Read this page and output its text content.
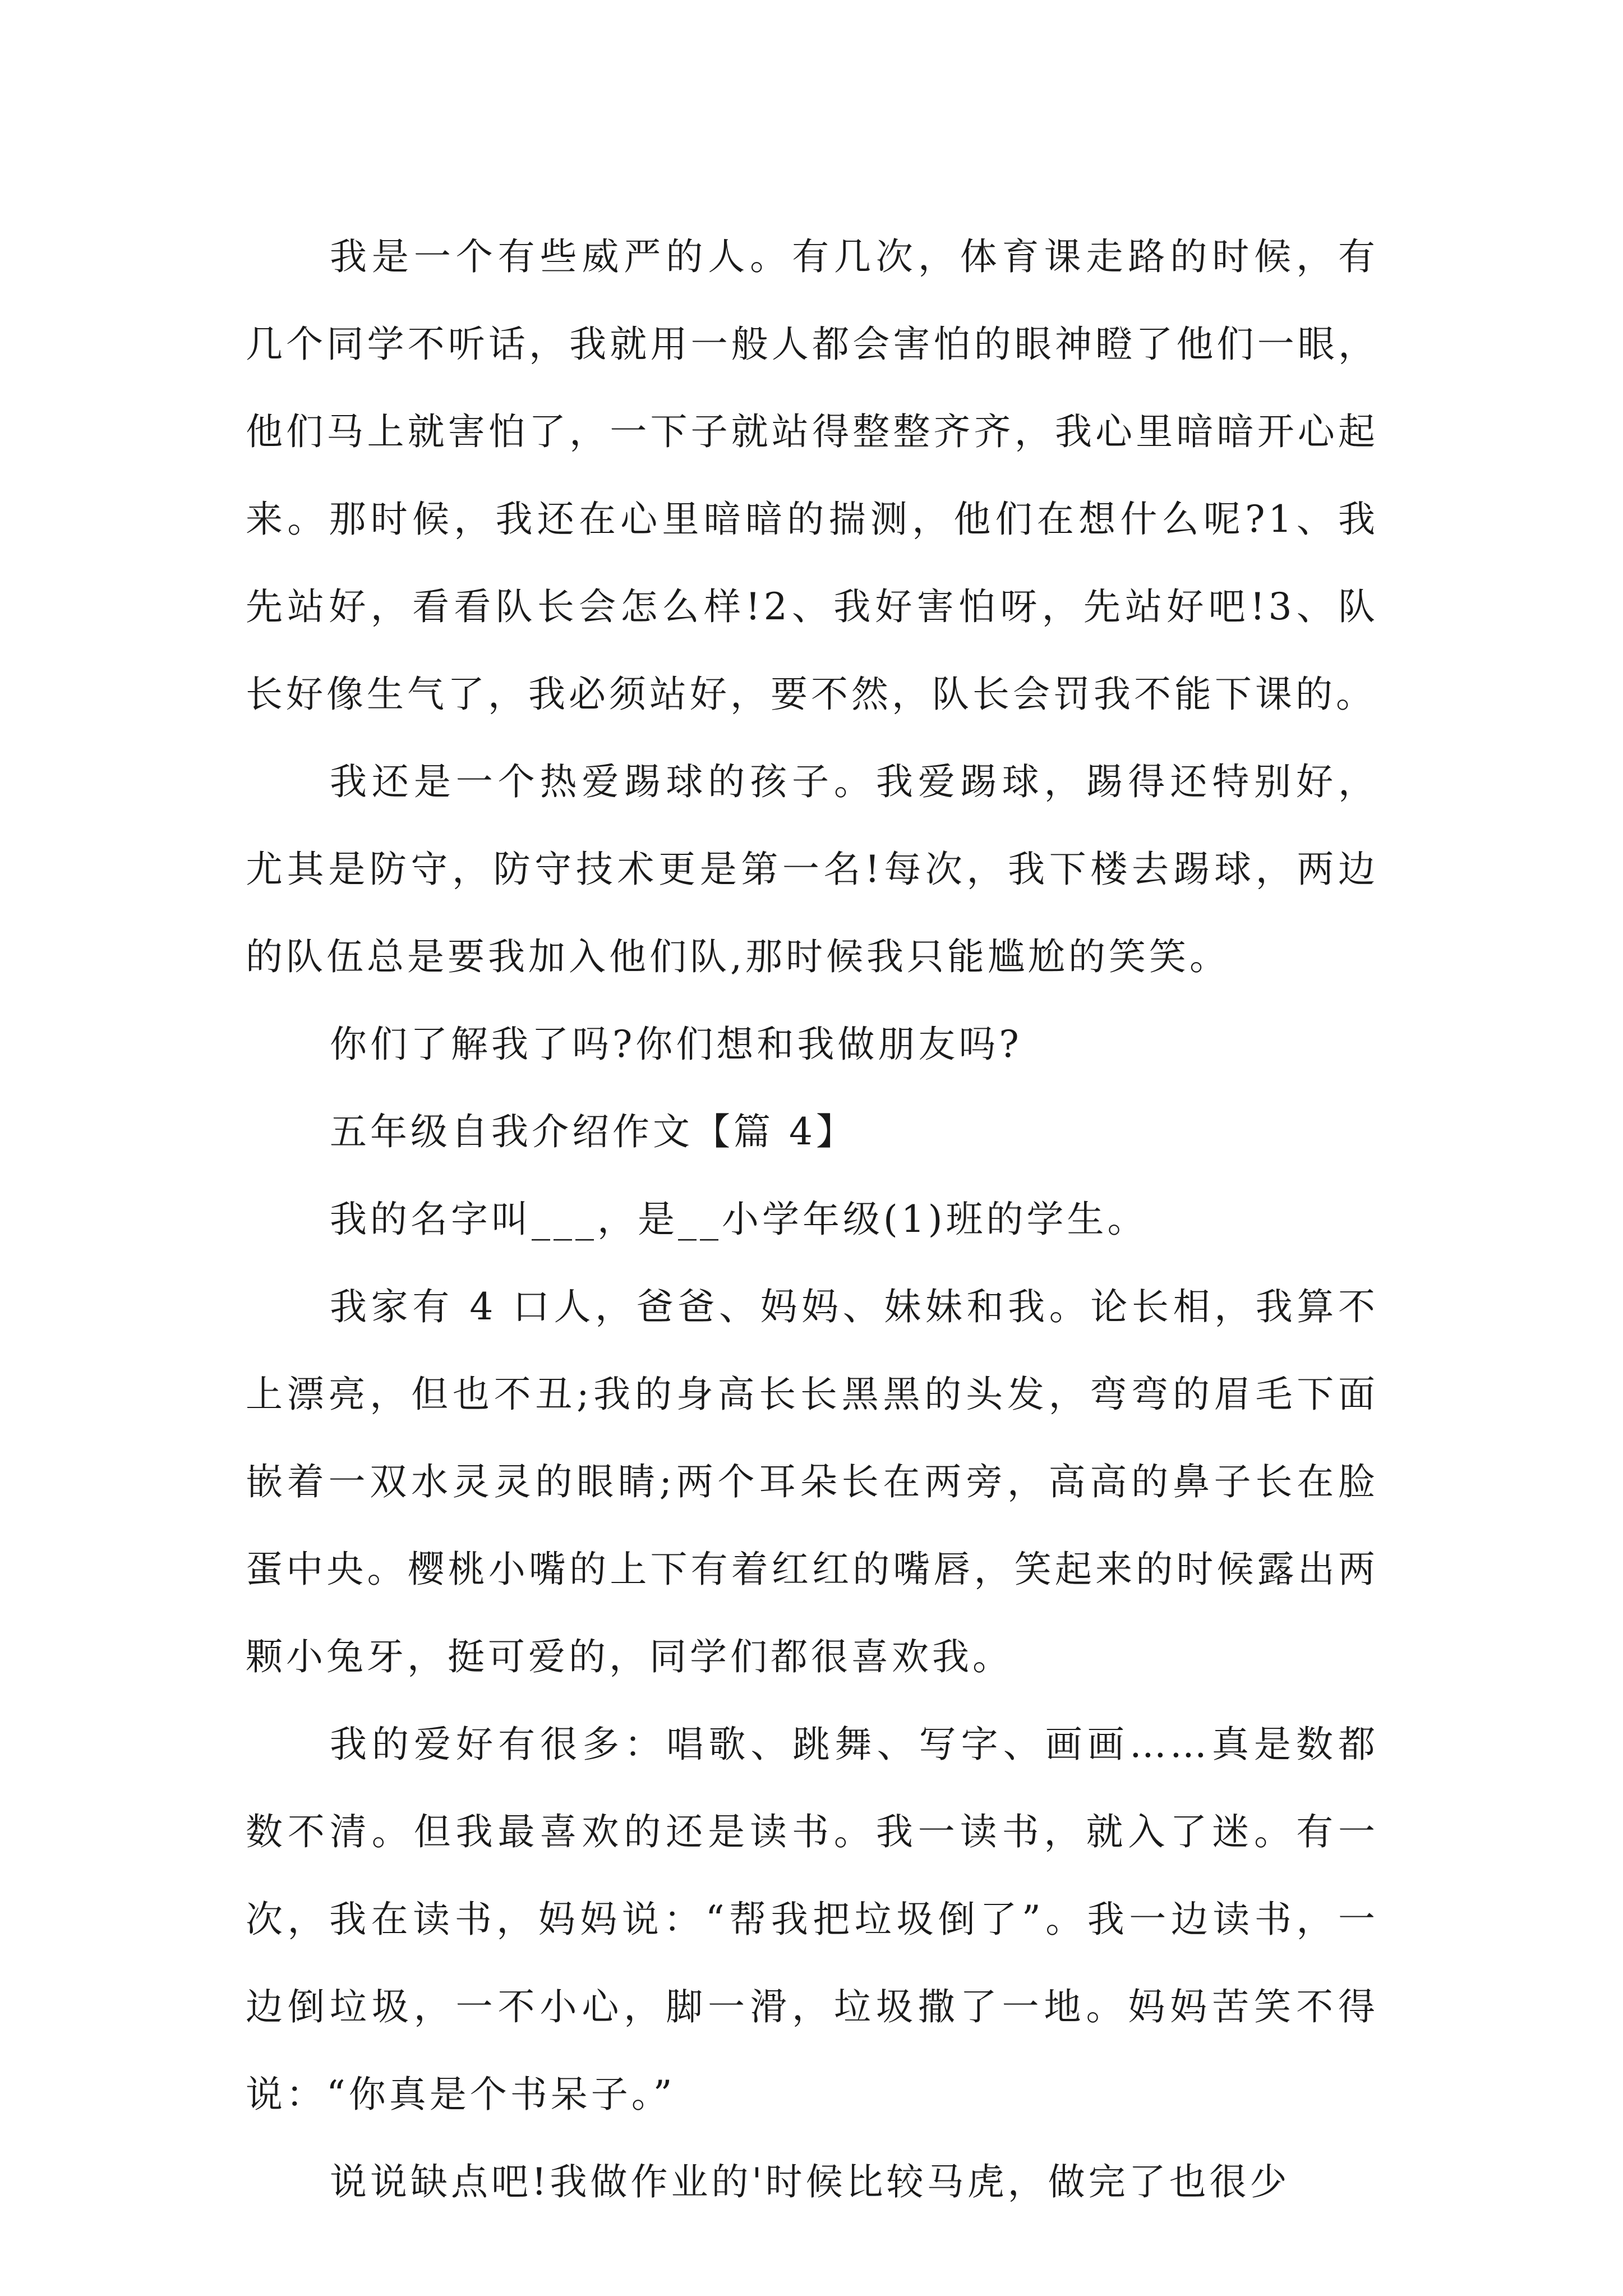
我是一个有些威严的人。有几次，体育课走路的时候，有几个同学不听话，我就用一般人都会害怕的眼神瞪了他们一眼，他们马上就害怕了，一下子就站得整整齐齐，我心里暗暗开心起来。那时候，我还在心里暗暗的揣测，他们在想什么呢?1、我先站好，看看队长会怎么样!2、我好害怕呀，先站好吧!3、队长好像生气了，我必须站好，要不然，队长会罚我不能下课的。

我还是一个热爱踢球的孩子。我爱踢球，踢得还特别好，尤其是防守，防守技术更是第一名!每次，我下楼去踢球，两边的队伍总是要我加入他们队,那时候我只能尴尬的笑笑。

你们了解我了吗?你们想和我做朋友吗?

五年级自我介绍作文【篇 4】

我的名字叫___，是__小学年级(1)班的学生。

我家有 4 口人，爸爸、妈妈、妹妹和我。论长相，我算不上漂亮，但也不丑;我的身高长长黑黑的头发，弯弯的眉毛下面嵌着一双水灵灵的眼睛;两个耳朵长在两旁，高高的鼻子长在脸蛋中央。樱桃小嘴的上下有着红红的嘴唇，笑起来的时候露出两颗小兔牙，挺可爱的，同学们都很喜欢我。

我的爱好有很多：唱歌、跳舞、写字、画画……真是数都数不清。但我最喜欢的还是读书。我一读书，就入了迷。有一次，我在读书，妈妈说：“帮我把垃圾倒了”。我一边读书，一边倒垃圾，一不小心，脚一滑，垃圾撒了一地。妈妈苦笑不得说：“你真是个书呆子。”

说说缺点吧!我做作业的'时候比较马虎，做完了也很少
